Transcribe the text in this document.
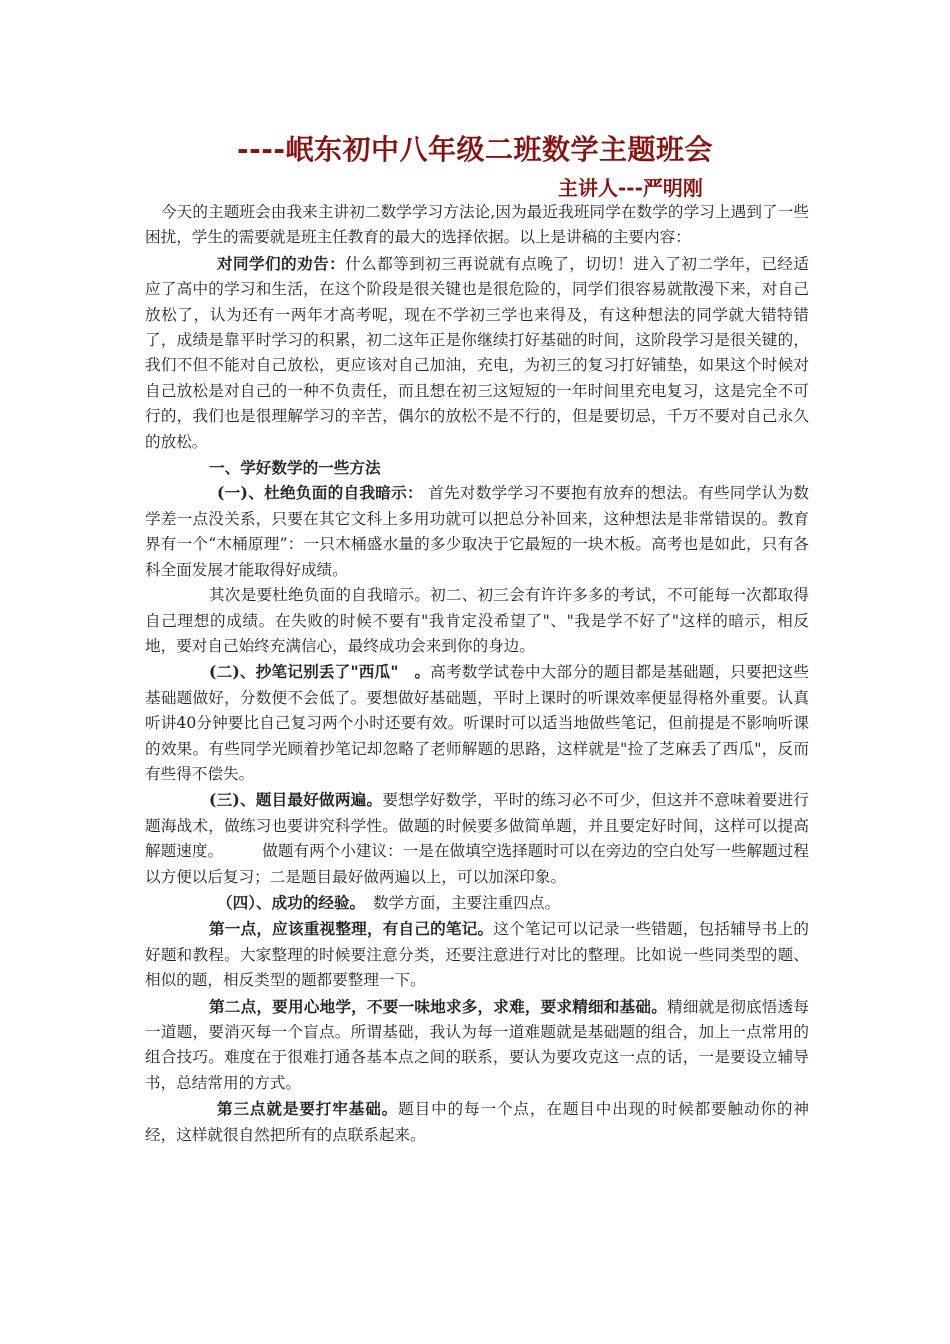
----岷东初中八年级二班数学主题班会
主讲人---严明刚

今天的主题班会由我来主讲初二数学学习方法论,因为最近我班同学在数学的学习上遇到了一些困扰，学生的需要就是班主任教育的最大的选择依据。以上是讲稿的主要内容：

对同学们的劝告：什么都等到初三再说就有点晚了，切切！进入了初二学年，已经适应了高中的学习和生活，在这个阶段是很关键也是很危险的，同学们很容易就散漫下来，对自己放松了，认为还有一两年才高考呢，现在不学初三学也来得及，有这种想法的同学就大错特错了，成绩是靠平时学习的积累，初二这年正是你继续打好基础的时间，这阶段学习是很关键的，我们不但不能对自己放松，更应该对自己加油，充电，为初三的复习打好铺垫，如果这个时候对自己放松是对自己的一种不负责任，而且想在初三这短短的一年时间里充电复习，这是完全不可行的，我们也是很理解学习的辛苦，偶尔的放松不是不行的，但是要切忌，千万不要对自己永久的放松。

一、学好数学的一些方法

(一)、杜绝负面的自我暗示： 首先对数学学习不要抱有放弃的想法。有些同学认为数学差一点没关系，只要在其它文科上多用功就可以把总分补回来，这种想法是非常错误的。教育界有一个“木桶原理”：一只木桶盛水量的多少取决于它最短的一块木板。高考也是如此，只有各科全面发展才能取得好成绩。

其次是要杜绝负面的自我暗示。初二、初三会有许许多多的考试，不可能每一次都取得自己理想的成绩。在失败的时候不要有"我肯定没希望了"、"我是学不好了"这样的暗示，相反地，要对自己始终充满信心，最终成功会来到你的身边。

(二)、抄笔记别丢了"西瓜"　。高考数学试卷中大部分的题目都是基础题，只要把这些基础题做好，分数便不会低了。要想做好基础题，平时上课时的听课效率便显得格外重要。认真听讲40分钟要比自己复习两个小时还要有效。听课时可以适当地做些笔记，但前提是不影响听课的效果。有些同学光顾着抄笔记却忽略了老师解题的思路，这样就是"捡了芝麻丢了西瓜"，反而有些得不偿失。

(三)、题目最好做两遍。要想学好数学，平时的练习必不可少，但这并不意味着要进行题海战术，做练习也要讲究科学性。做题的时候要多做简单题，并且要定好时间，这样可以提高解题速度。　　　做题有两个小建议：一是在做填空选择题时可以在旁边的空白处写一些解题过程以方便以后复习；二是题目最好做两遍以上，可以加深印象。

（四）、成功的经验。　数学方面，主要注重四点。

第一点，应该重视整理，有自己的笔记。这个笔记可以记录一些错题，包括辅导书上的好题和教程。大家整理的时候要注意分类，还要注意进行对比的整理。比如说一些同类型的题、相似的题，相反类型的题都要整理一下。

第二点，要用心地学，不要一味地求多，求难，要求精细和基础。精细就是彻底悟透每一道题，要消灭每一个盲点。所谓基础，我认为每一道难题就是基础题的组合，加上一点常用的组合技巧。难度在于很难打通各基本点之间的联系，要认为要攻克这一点的话，一是要设立辅导书，总结常用的方式。

第三点就是要打牢基础。题目中的每一个点，在题目中出现的时候都要触动你的神经，这样就很自然把所有的点联系起来。
